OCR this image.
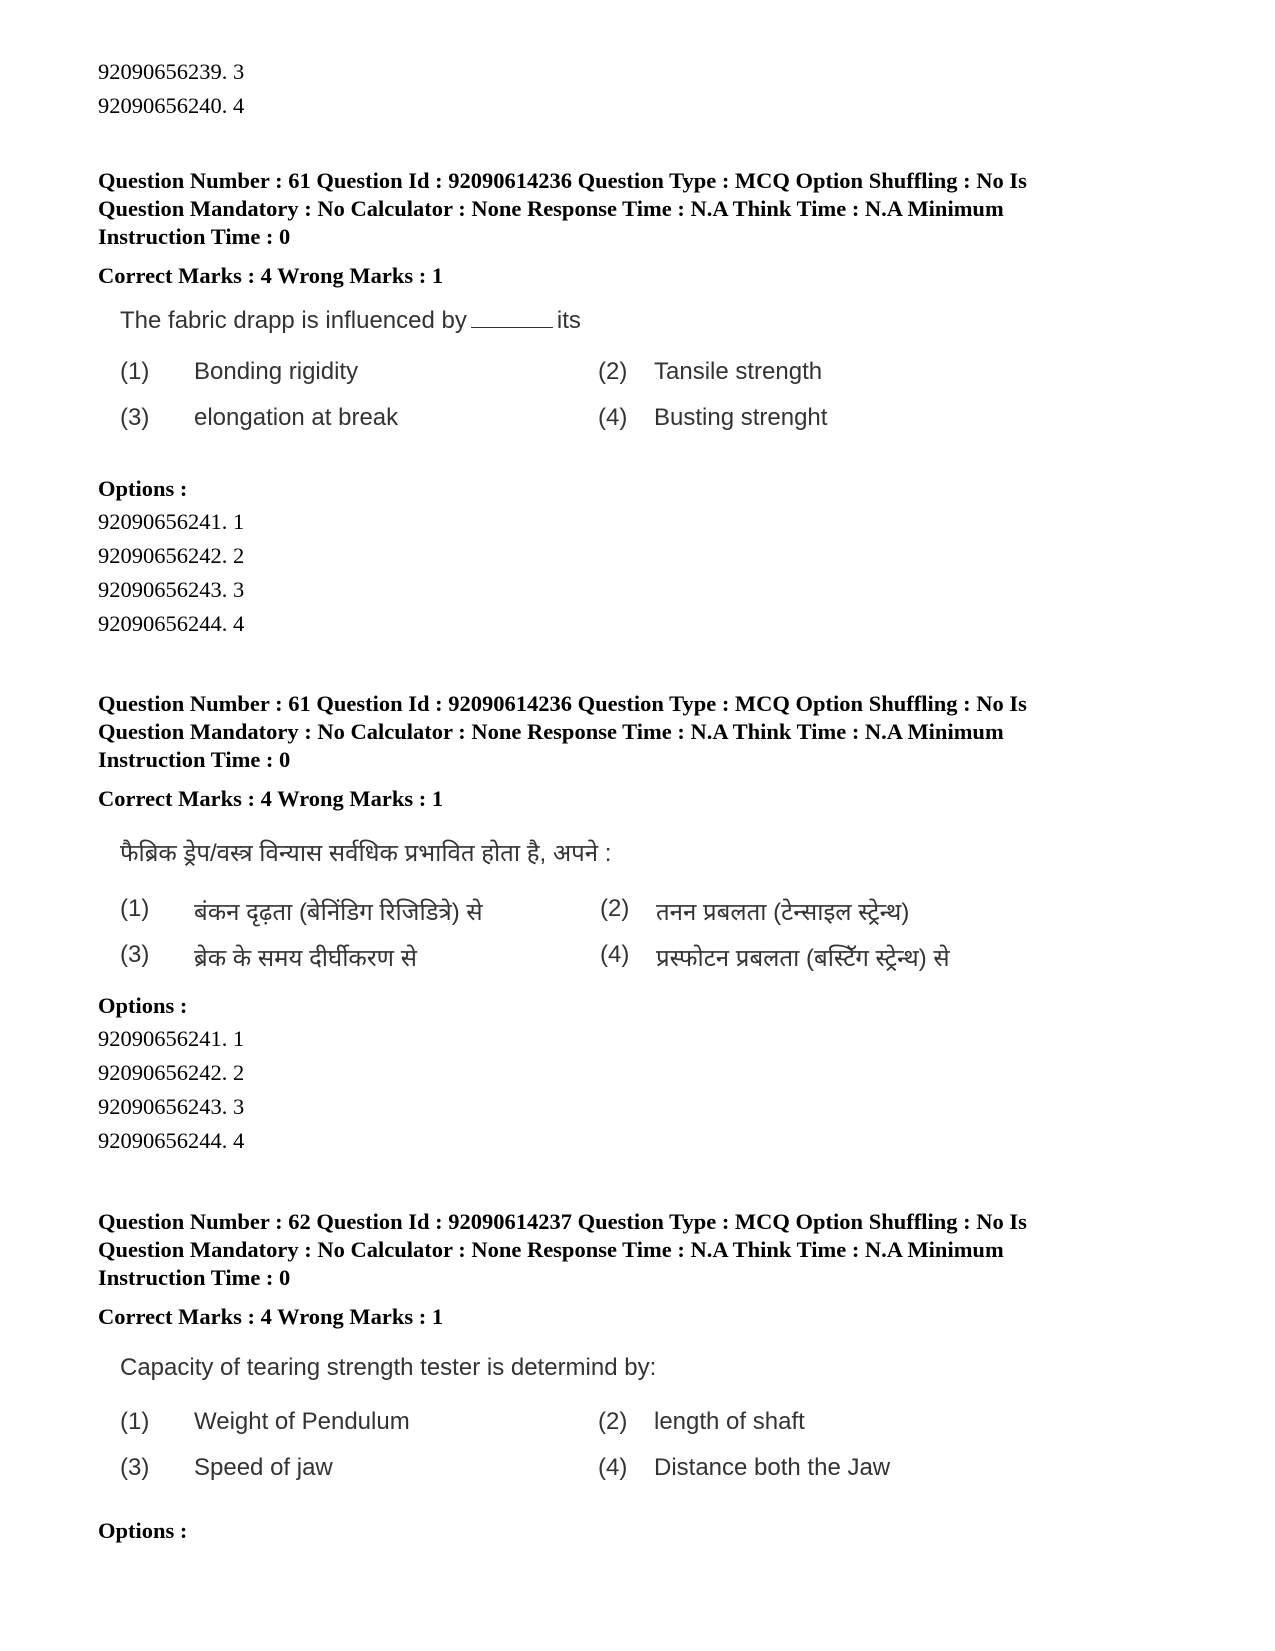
92090656239. 3
92090656240. 4
Question Number : 61 Question Id : 92090614236 Question Type : MCQ Option Shuffling : No Is
Question Mandatory : No Calculator : None Response Time : N.A Think Time : N.A Minimum
Instruction Time : 0
Correct Marks : 4 Wrong Marks : 1
The fabric drapp is influenced by	its
(1)	Bonding rigidity	(2)	Tansile strength
(3)	elongation at break	(4)	Busting strenght
Options :
92090656241. 1
92090656242. 2
92090656243. 3
92090656244. 4
Question Number : 61 Question Id : 92090614236 Question Type : MCQ Option Shuffling : No Is
Question Mandatory : No Calculator : None Response Time : N.A Think Time : N.A Minimum
Instruction Time : 0
Correct Marks : 4 Wrong Marks : 1
फैब्रिक ड्रेप/वस्त्र विन्यास सर्वधिक प्रभावित होता है, अपने :
(1)	बंकन दृढ़ता (बेनिंडिग रिजिडित्रे) से	(2)	तनन प्रबलता (टेन्साइल स्ट्रेन्थ)
(3)	ब्रेक के समय दीर्घीकरण से	(4)	प्रस्फोटन प्रबलता (बस्टिॅग स्ट्रेन्थ) से
Options :
92090656241. 1
92090656242. 2
92090656243. 3
92090656244. 4
Question Number : 62 Question Id : 92090614237 Question Type : MCQ Option Shuffling : No Is
Question Mandatory : No Calculator : None Response Time : N.A Think Time : N.A Minimum
Instruction Time : 0
Correct Marks : 4 Wrong Marks : 1
Capacity of tearing strength tester is determind by:
(1)	Weight of Pendulum	(2)	length of shaft
(3)	Speed of jaw	(4)	Distance both the Jaw
Options :
